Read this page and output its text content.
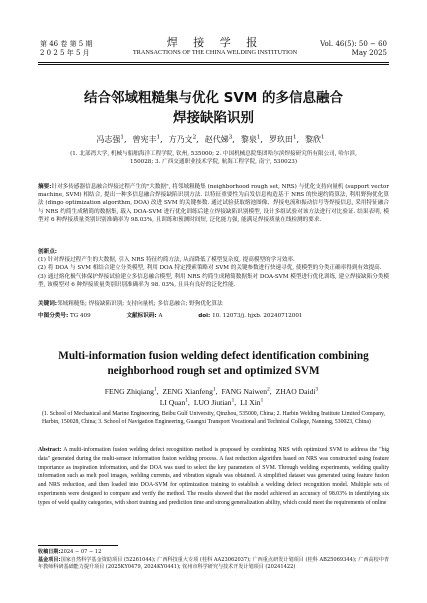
第 46 卷 第 5 期
2 0 2 5 年 5 月
焊 接 学 报
TRANSACTIONS OF THE CHINA WELDING INSTITUTION
Vol. 46(5): 50 − 60
May 2025
结合邻域粗糙集与优化 SVM 的多信息融合
焊接缺陷识别
冯志强$^1$, 曾宪丰$^1$, 方乃文$^2$, 赵代娣$^3$, 黎泉$^1$, 罗玖田$^1$, 黎欣$^1$
(1. 北部湾大学, 机械与船舶海洋工程学院, 钦州, 535000; 2. 中国机械总院集团哈尔滨焊接研究所有限公司, 哈尔滨,
150028; 3. 广西交通职业技术学院, 航海工程学院, 南宁, 530023)
摘要:针对多传感器信息融合焊接过程产生的"大数据", 将邻域粗糙集 (neighborhood rough set, NRS) 与优化支持向量机 (support vector machine, SVM) 相结合, 提出一种多信息融合焊接缺陷识别方法. 以特征重要性为启发信息构造基于 NRS 的快速约简算法, 利用野狗优化算法 (dingo optimization algorithm, DOA) 改进 SVM 的关键参数. 通过试验获取熔池图像、焊接电流和振动信号等焊接信息, 采用特征融合与 NRS 约简生成精简的数据集, 载入 DOA-SVM 进行优化训练后建立焊接缺陷识别模型, 设计多组试验对该方法进行对比验证. 结果表明, 模型对 6 种焊接质量类别识别准确率为 98.03%, 且训练和预测时间短, 泛化能力强, 能满足焊接质量在线检测的要求.
创新点:
(1) 针对焊接过程产生的大数据, 引入 NRS 特征约简方法, 从而降低了模型复杂度, 提高模型的学习效率.
(2) 将 DOA 与 SVM 相结合建立分类模型, 利用 DOA 特定搜索策略对 SVM 的关键参数进行快速寻优, 使模型的分类正确率得到有效提高.
(3) 通过熔化极气体保护焊接试验建立多信息融合模型, 利用 NRS 约简生成精简数据集对 DOA-SVM 模型进行优化训练, 建立焊接缺陷分类模型, 该模型对 6 种焊接质量类别识别准确率为 98. 03%, 且具有良好的泛化性能.
关键词:邻域粗糙集; 焊接缺陷识别; 支持向量机; 多信息融合; 野狗优化算法
中图分类号: TG 409	文献标识码: A	doi: 10. 12073/j. hjxb. 20240712001
Multi-information fusion welding defect identification combining
neighborhood rough set and optimized SVM
FENG Zhiqiang$^1$, ZENG Xianfeng$^1$, FANG Naiwen$^2$, ZHAO Daidi$^3$
LI Quan$^1$, LUO Jiutian$^1$, LI Xin$^1$
(1. School of Mechanical and Marine Engineering, Beibu Gulf University, Qinzhou, 535000, China; 2. Harbin Welding Institute Limited Company, Harbin, 150028, China; 3. School of Navigation Engineering, Guangxi Transport Vocational and Technical College, Nanning, 530023, China)
Abstract: A multi-information fusion welding defect recognition method is proposed by combining NRS with optimized SVM to address the "big data" generated during the multi-sensor information fusion welding process. A fast reduction algorithm based on NRS was constructed using feature importance as inspiration information, and the DOA was used to select the key parameters of SVM. Through welding experiments, welding quality information such as melt pool images, welding currents, and vibration signals was obtained. A simplified dataset was generated using feature fusion and NRS reduction, and then loaded into DOA-SVM for optimization training to establish a welding defect recognition model. Multiple sets of experiments were designed to compare and verify the method. The results showed that the model achieved an accuracy of 98.03% in identifying six types of weld quality categories, with short training and prediction time and strong generalization ability, which could meet the requirements of online
收稿日期:2024 − 07 − 12
基金项目:国家自然科学基金资助项目 (52261044); 广西科技重大专项 (桂科 AA23062037); 广西重点研发计划项目 (桂科 AB25069344); 广西高校中青年教师科研基础能力提升项目 (2025KY0479, 2024KY0441); 钦州市科学研究与技术开发计划项目 (20241422)
